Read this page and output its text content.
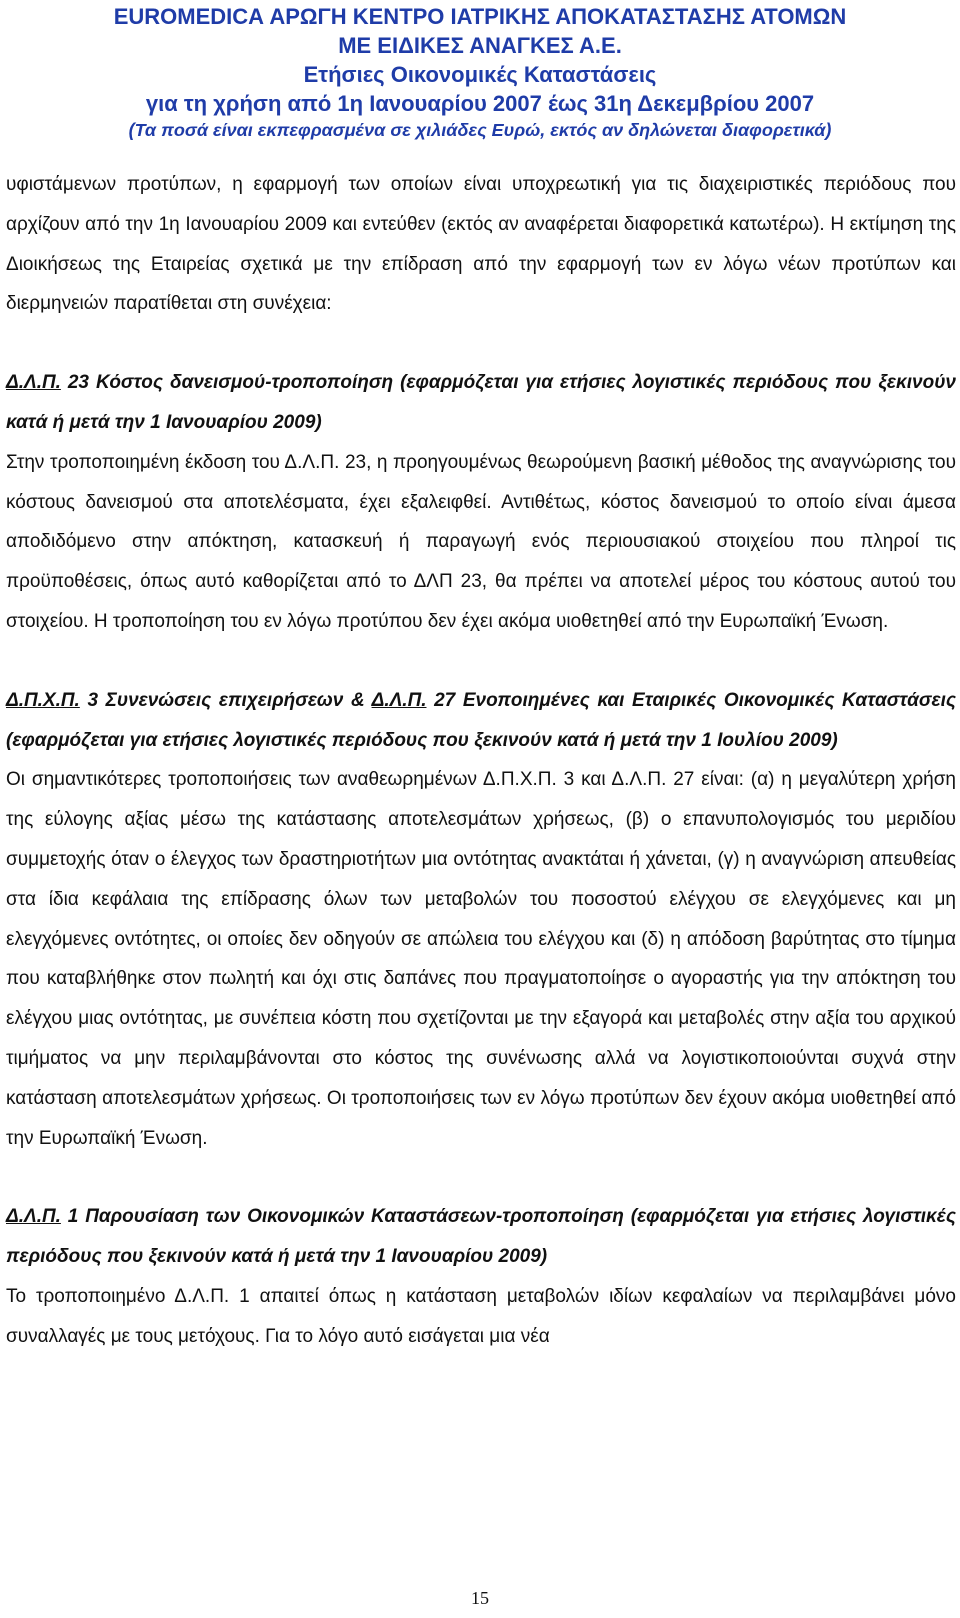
EUROMEDICA ΑΡΩΓΗ ΚΕΝΤΡΟ ΙΑΤΡΙΚΗΣ ΑΠΟΚΑΤΑΣΤΑΣΗΣ ΑΤΟΜΩΝ
ΜΕ ΕΙΔΙΚΕΣ ΑΝΑΓΚΕΣ Α.Ε.
Ετήσιες Οικονομικές Καταστάσεις
για τη χρήση από 1η Ιανουαρίου 2007 έως 31η Δεκεμβρίου 2007
(Τα ποσά είναι εκπεφρασμένα σε χιλιάδες Ευρώ, εκτός αν δηλώνεται διαφορετικά)

υφιστάμενων προτύπων, η εφαρμογή των οποίων είναι υποχρεωτική για τις διαχειριστικές περιόδους που αρχίζουν από την 1η Ιανουαρίου 2009 και εντεύθεν (εκτός αν αναφέρεται διαφορετικά κατωτέρω). Η εκτίμηση της Διοικήσεως της Εταιρείας σχετικά με την επίδραση από την εφαρμογή των εν λόγω νέων προτύπων και διερμηνειών παρατίθεται στη συνέχεια:

Δ.Λ.Π. 23 Κόστος δανεισμού-τροποποίηση (εφαρμόζεται για ετήσιες λογιστικές περιόδους που ξεκινούν κατά ή μετά την 1 Ιανουαρίου 2009)

Στην τροποποιημένη έκδοση του Δ.Λ.Π. 23, η προηγουμένως θεωρούμενη βασική μέθοδος της αναγνώρισης του κόστους δανεισμού στα αποτελέσματα, έχει εξαλειφθεί. Αντιθέτως, κόστος δανεισμού το οποίο είναι άμεσα αποδιδόμενο στην απόκτηση, κατασκευή ή παραγωγή ενός περιουσιακού στοιχείου που πληροί τις προϋποθέσεις, όπως αυτό καθορίζεται από το ΔΛΠ 23, θα πρέπει να αποτελεί μέρος του κόστους αυτού του στοιχείου. Η τροποποίηση του εν λόγω προτύπου δεν έχει ακόμα υιοθετηθεί από την Ευρωπαϊκή Ένωση.

Δ.Π.Χ.Π. 3 Συνενώσεις επιχειρήσεων & Δ.Λ.Π. 27 Ενοποιημένες και Εταιρικές Οικονομικές Καταστάσεις (εφαρμόζεται για ετήσιες λογιστικές περιόδους που ξεκινούν κατά ή μετά την 1 Ιουλίου 2009)

Οι σημαντικότερες τροποποιήσεις των αναθεωρημένων Δ.Π.Χ.Π. 3 και Δ.Λ.Π. 27 είναι: (α) η μεγαλύτερη χρήση της εύλογης αξίας μέσω της κατάστασης αποτελεσμάτων χρήσεως, (β) ο επανυπολογισμός του μεριδίου συμμετοχής όταν ο έλεγχος των δραστηριοτήτων μια οντότητας ανακτάται ή χάνεται, (γ) η αναγνώριση απευθείας στα ίδια κεφάλαια της επίδρασης όλων των μεταβολών του ποσοστού ελέγχου σε ελεγχόμενες και μη ελεγχόμενες οντότητες, οι οποίες δεν οδηγούν σε απώλεια του ελέγχου και (δ) η απόδοση βαρύτητας στο τίμημα που καταβλήθηκε στον πωλητή και όχι στις δαπάνες που πραγματοποίησε ο αγοραστής για την απόκτηση του ελέγχου μιας οντότητας, με συνέπεια κόστη που σχετίζονται με την εξαγορά και μεταβολές στην αξία του αρχικού τιμήματος να μην περιλαμβάνονται στο κόστος της συνένωσης αλλά να λογιστικοποιούνται συχνά στην κατάσταση αποτελεσμάτων χρήσεως. Οι τροποποιήσεις των εν λόγω προτύπων δεν έχουν ακόμα υιοθετηθεί από την Ευρωπαϊκή Ένωση.

Δ.Λ.Π. 1 Παρουσίαση των Οικονομικών Καταστάσεων-τροποποίηση (εφαρμόζεται για ετήσιες λογιστικές περιόδους που ξεκινούν κατά ή μετά την 1 Ιανουαρίου 2009)

Το τροποποιημένο Δ.Λ.Π. 1 απαιτεί όπως η κατάσταση μεταβολών ιδίων κεφαλαίων να περιλαμβάνει μόνο συναλλαγές με τους μετόχους. Για το λόγο αυτό εισάγεται μια νέα

15
